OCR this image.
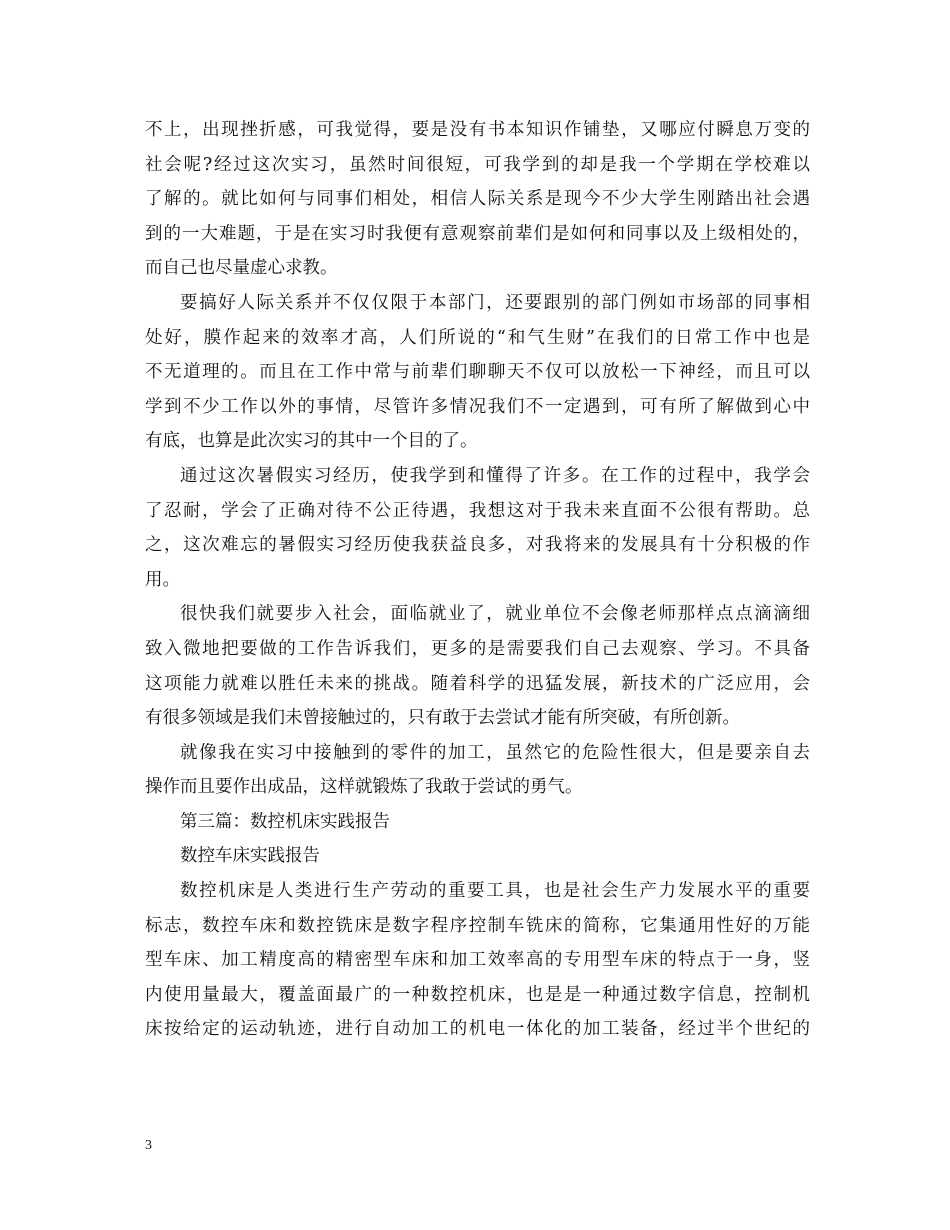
不上，出现挫折感，可我觉得，要是没有书本知识作铺垫，又哪应付瞬息万变的
社会呢?经过这次实习，虽然时间很短，可我学到的却是我一个学期在学校难以
了解的。就比如何与同事们相处，相信人际关系是现今不少大学生刚踏出社会遇
到的一大难题，于是在实习时我便有意观察前辈们是如何和同事以及上级相处的，
而自己也尽量虚心求教。
要搞好人际关系并不仅仅限于本部门，还要跟别的部门例如市场部的同事相
处好，膜作起来的效率才高，人们所说的“和气生财”在我们的日常工作中也是
不无道理的。而且在工作中常与前辈们聊聊天不仅可以放松一下神经，而且可以
学到不少工作以外的事情，尽管许多情况我们不一定遇到，可有所了解做到心中
有底，也算是此次实习的其中一个目的了。
通过这次暑假实习经历，使我学到和懂得了许多。在工作的过程中，我学会
了忍耐，学会了正确对待不公正待遇，我想这对于我未来直面不公很有帮助。总
之，这次难忘的暑假实习经历使我获益良多，对我将来的发展具有十分积极的作
用。
很快我们就要步入社会，面临就业了，就业单位不会像老师那样点点滴滴细
致入微地把要做的工作告诉我们，更多的是需要我们自己去观察、学习。不具备
这项能力就难以胜任未来的挑战。随着科学的迅猛发展，新技术的广泛应用，会
有很多领域是我们未曾接触过的，只有敢于去尝试才能有所突破，有所创新。
就像我在实习中接触到的零件的加工，虽然它的危险性很大，但是要亲自去
操作而且要作出成品，这样就锻炼了我敢于尝试的勇气。
第三篇：数控机床实践报告
数控车床实践报告
数控机床是人类进行生产劳动的重要工具，也是社会生产力发展水平的重要
标志，数控车床和数控铣床是数字程序控制车铣床的简称，它集通用性好的万能
型车床、加工精度高的精密型车床和加工效率高的专用型车床的特点于一身，竖
内使用量最大，覆盖面最广的一种数控机床，也是是一种通过数字信息，控制机
床按给定的运动轨迹，进行自动加工的机电一体化的加工装备，经过半个世纪的
3
